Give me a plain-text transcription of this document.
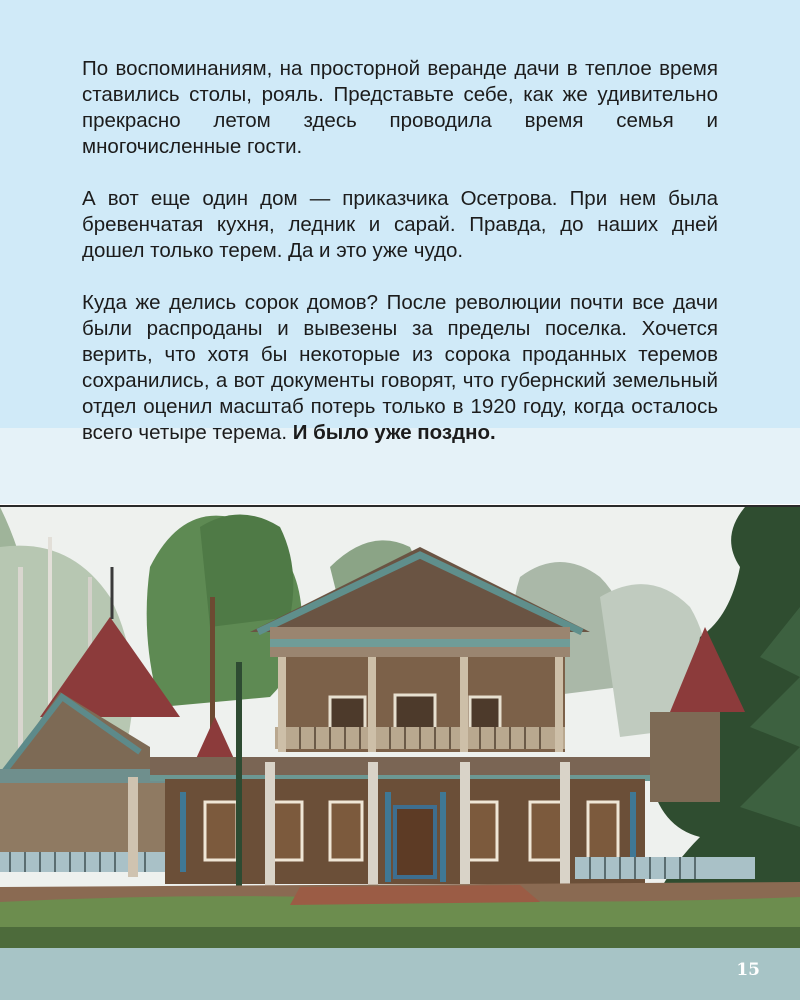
По воспоминаниям, на просторной веранде дачи в теплое время ставились столы, рояль. Представьте себе, как же удивительно прекрасно летом здесь проводила время семья и многочисленные гости.

А вот еще один дом — приказчика Осетрова. При нем была бревенчатая кухня, ледник и сарай. Правда, до наших дней дошел только терем. Да и это уже чудо.

Куда же делись сорок домов? После революции почти все дачи были распроданы и вывезены за пределы поселка. Хочется верить, что хотя бы некоторые из сорока проданных теремов сохранились, а вот документы говорят, что губернский земельный отдел оценил масштаб потерь только в 1920 году, когда осталось всего четыре терема. И было уже поздно.

15
